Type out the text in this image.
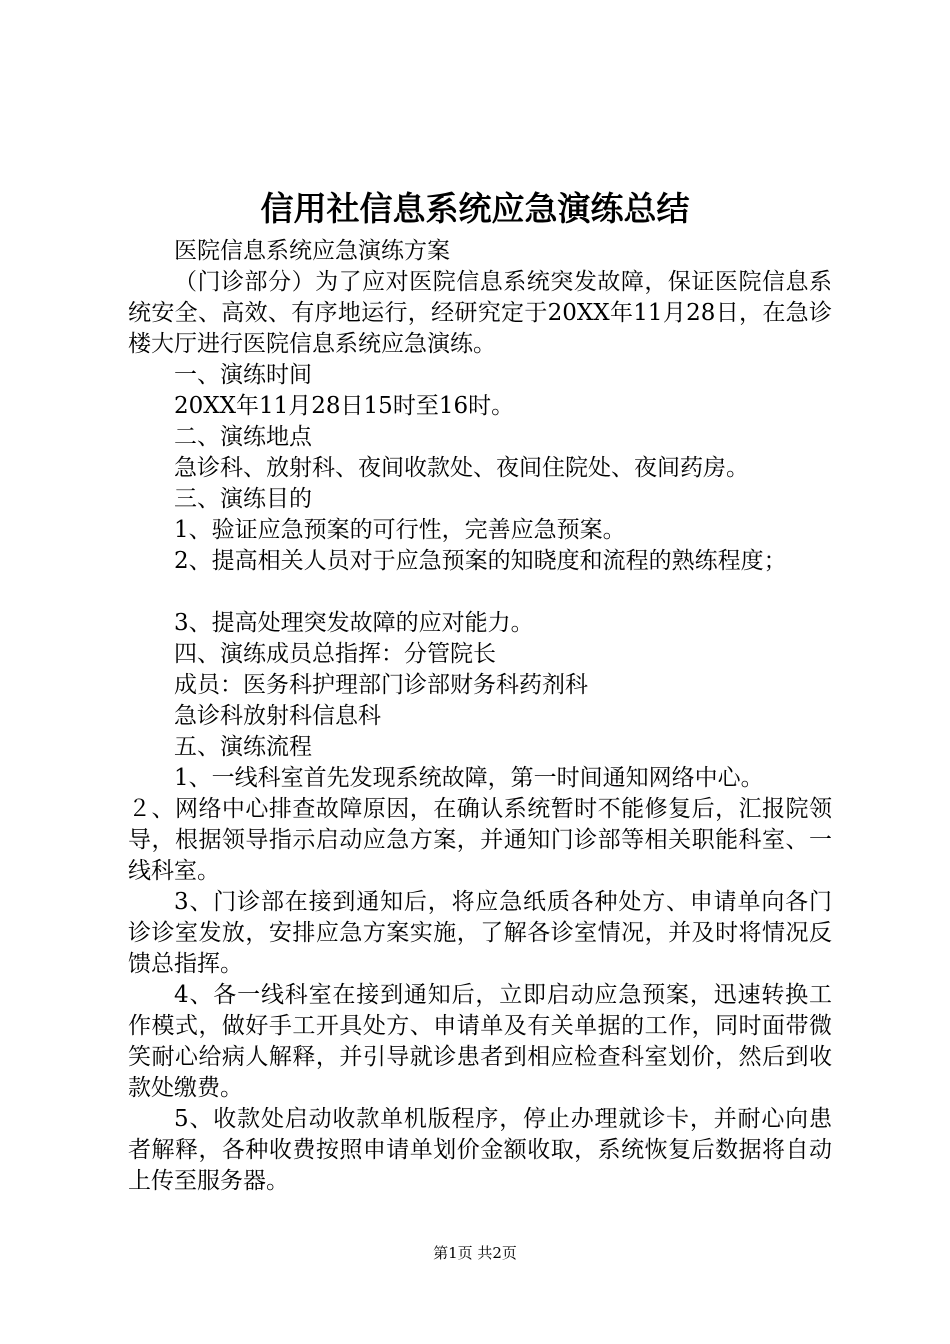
信用社信息系统应急演练总结

医院信息系统应急演练方案

（门诊部分）为了应对医院信息系统突发故障，保证医院信息系统安全、高效、有序地运行，经研究定于20XX年11月28日，在急诊楼大厅进行医院信息系统应急演练。

一、演练时间

20XX年11月28日15时至16时。

二、演练地点

急诊科、放射科、夜间收款处、夜间住院处、夜间药房。

三、演练目的

1、验证应急预案的可行性，完善应急预案。

2、提高相关人员对于应急预案的知晓度和流程的熟练程度；

3、提高处理突发故障的应对能力。

四、演练成员总指挥：分管院长

成员：医务科护理部门诊部财务科药剂科

急诊科放射科信息科

五、演练流程

1、一线科室首先发现系统故障，第一时间通知网络中心。

２、网络中心排查故障原因，在确认系统暂时不能修复后，汇报院领导，根据领导指示启动应急方案，并通知门诊部等相关职能科室、一线科室。

3、门诊部在接到通知后，将应急纸质各种处方、申请单向各门诊诊室发放，安排应急方案实施，了解各诊室情况，并及时将情况反馈总指挥。

4、各一线科室在接到通知后，立即启动应急预案，迅速转换工作模式，做好手工开具处方、申请单及有关单据的工作，同时面带微笑耐心给病人解释，并引导就诊患者到相应检查科室划价，然后到收款处缴费。

5、收款处启动收款单机版程序，停止办理就诊卡，并耐心向患者解释，各种收费按照申请单划价金额收取，系统恢复后数据将自动上传至服务器。

第1页 共2页
